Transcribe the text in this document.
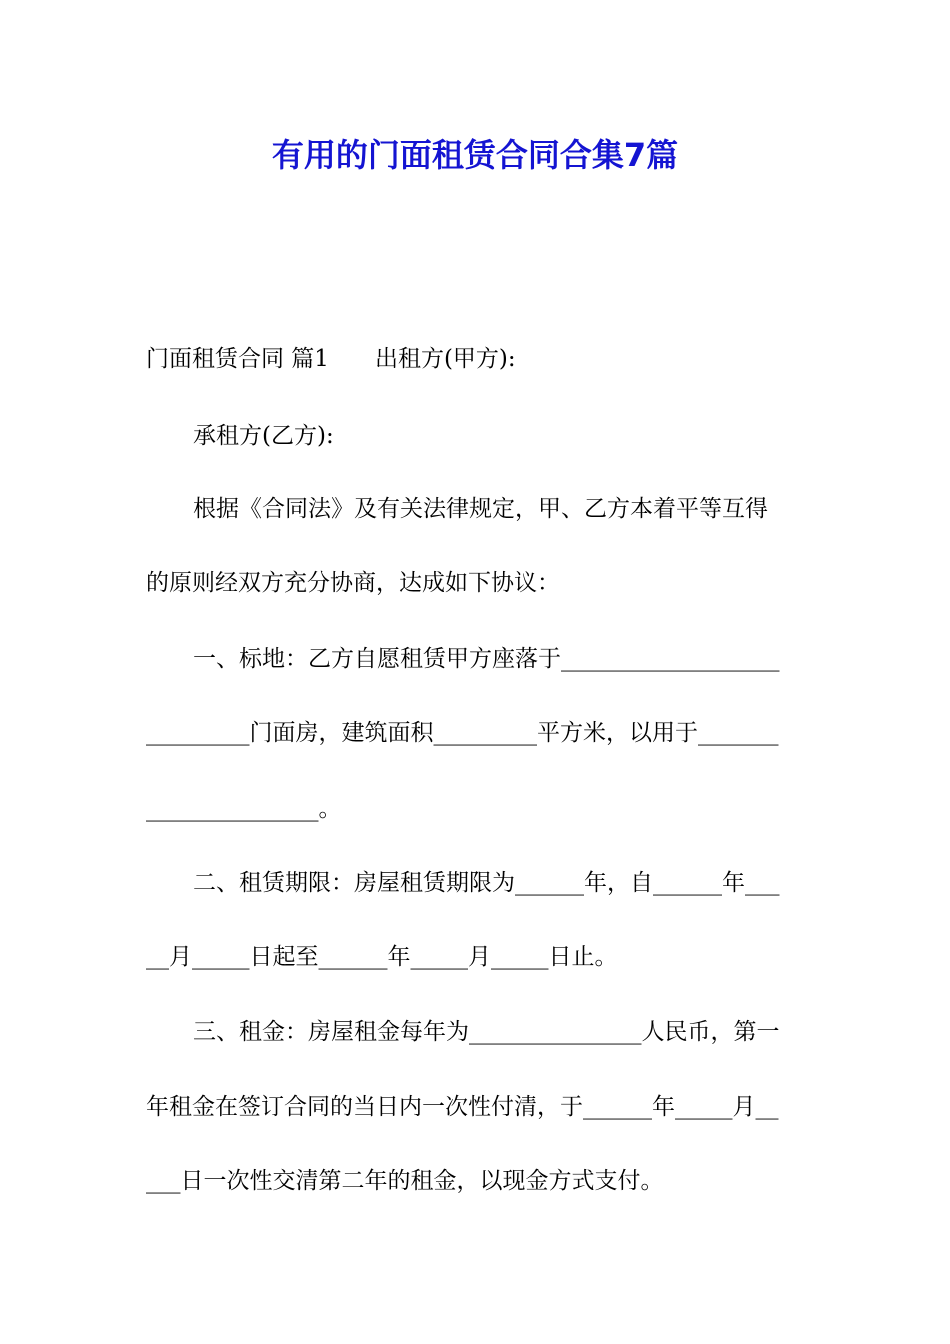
有用的门面租赁合同合集7篇
门面租赁合同 篇1 出租方(甲方):
承租方(乙方):
根据《合同法》及有关法律规定，甲、乙方本着平等互得
的原则经双方充分协商，达成如下协议：
一、标地：乙方自愿租赁甲方座落于___________________
_________门面房，建筑面积_________平方米，以用于_______
_______________。
二、租赁期限：房屋租赁期限为______年，自______年___
__月_____日起至______年_____月_____日止。
三、租金：房屋租金每年为_______________人民币，第一
年租金在签订合同的当日内一次性付清，于______年_____月__
___日一次性交清第二年的租金，以现金方式支付。
